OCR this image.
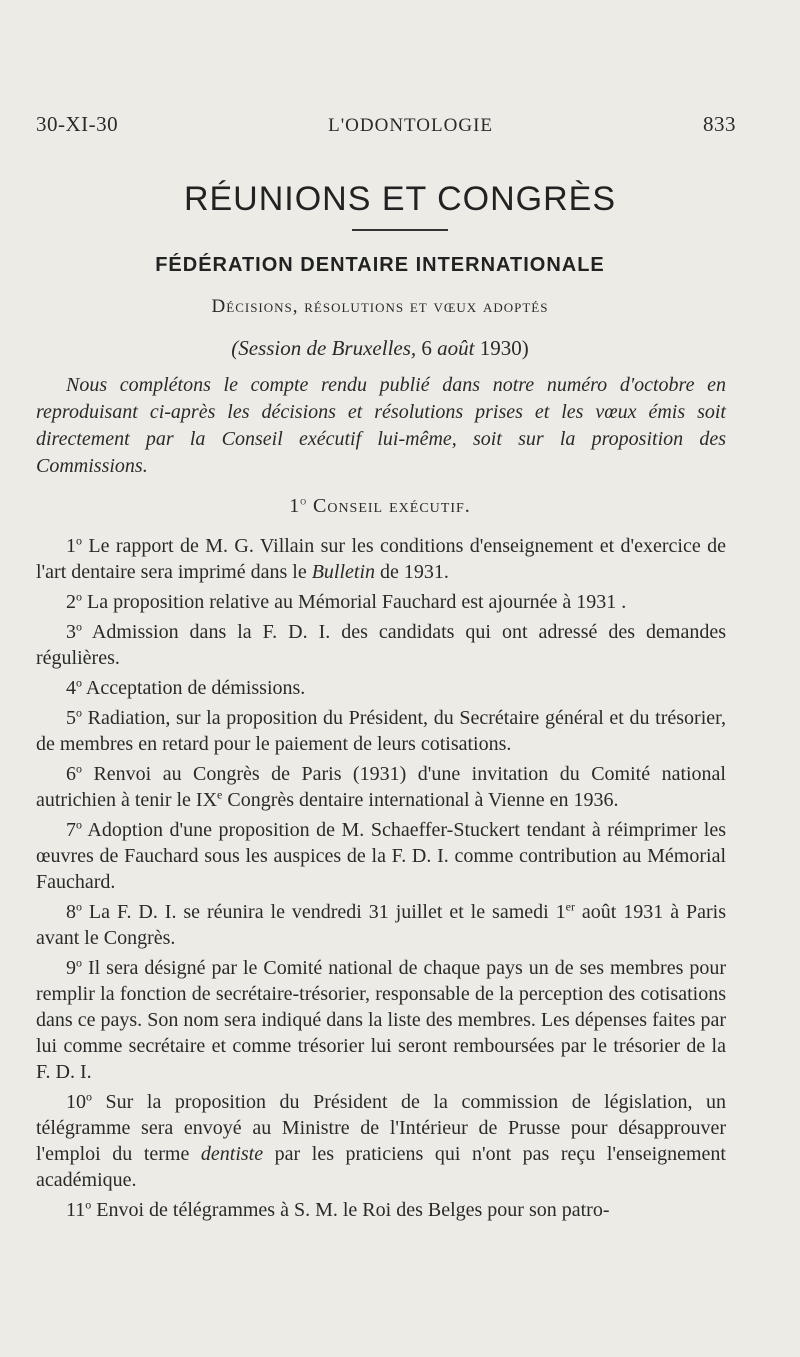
30-XI-30	L'ODONTOLOGIE	833
RÉUNIONS ET CONGRÈS
FÉDÉRATION DENTAIRE INTERNATIONALE
Décisions, résolutions et vœux adoptés
(Session de Bruxelles, 6 août 1930)
Nous complétons le compte rendu publié dans notre numéro d'octobre en reproduisant ci-après les décisions et résolutions prises et les vœux émis soit directement par la Conseil exécutif lui-même, soit sur la proposition des Commissions.
1$^o$ Conseil exécutif.

1$^o$ Le rapport de M. G. Villain sur les conditions d'enseignement et d'exercice de l'art dentaire sera imprimé dans le Bulletin de 1931.

2$^o$ La proposition relative au Mémorial Fauchard est ajournée à 1931 .

3$^o$ Admission dans la F. D. I. des candidats qui ont adressé des demandes régulières.

4$^o$ Acceptation de démissions.

5$^o$ Radiation, sur la proposition du Président, du Secrétaire général et du trésorier, de membres en retard pour le paiement de leurs cotisations.

6$^o$ Renvoi au Congrès de Paris (1931) d'une invitation du Comité national autrichien à tenir le IXe Congrès dentaire international à Vienne en 1936.

7$^o$ Adoption d'une proposition de M. Schaeffer-Stuckert tendant à réimprimer les œuvres de Fauchard sous les auspices de la F. D. I. comme contribution au Mémorial Fauchard.

8$^o$ La F. D. I. se réunira le vendredi 31 juillet et le samedi 1er août 1931 à Paris avant le Congrès.

9$^o$ Il sera désigné par le Comité national de chaque pays un de ses membres pour remplir la fonction de secrétaire-trésorier, responsable de la perception des cotisations dans ce pays. Son nom sera indiqué dans la liste des membres. Les dépenses faites par lui comme secrétaire et comme trésorier lui seront remboursées par le trésorier de la F. D. I.

10$^o$ Sur la proposition du Président de la commission de législation, un télégramme sera envoyé au Ministre de l'Intérieur de Prusse pour désapprouver l'emploi du terme dentiste par les praticiens qui n'ont pas reçu l'enseignement académique.

11$^o$ Envoi de télégrammes à S. M. le Roi des Belges pour son patro-
